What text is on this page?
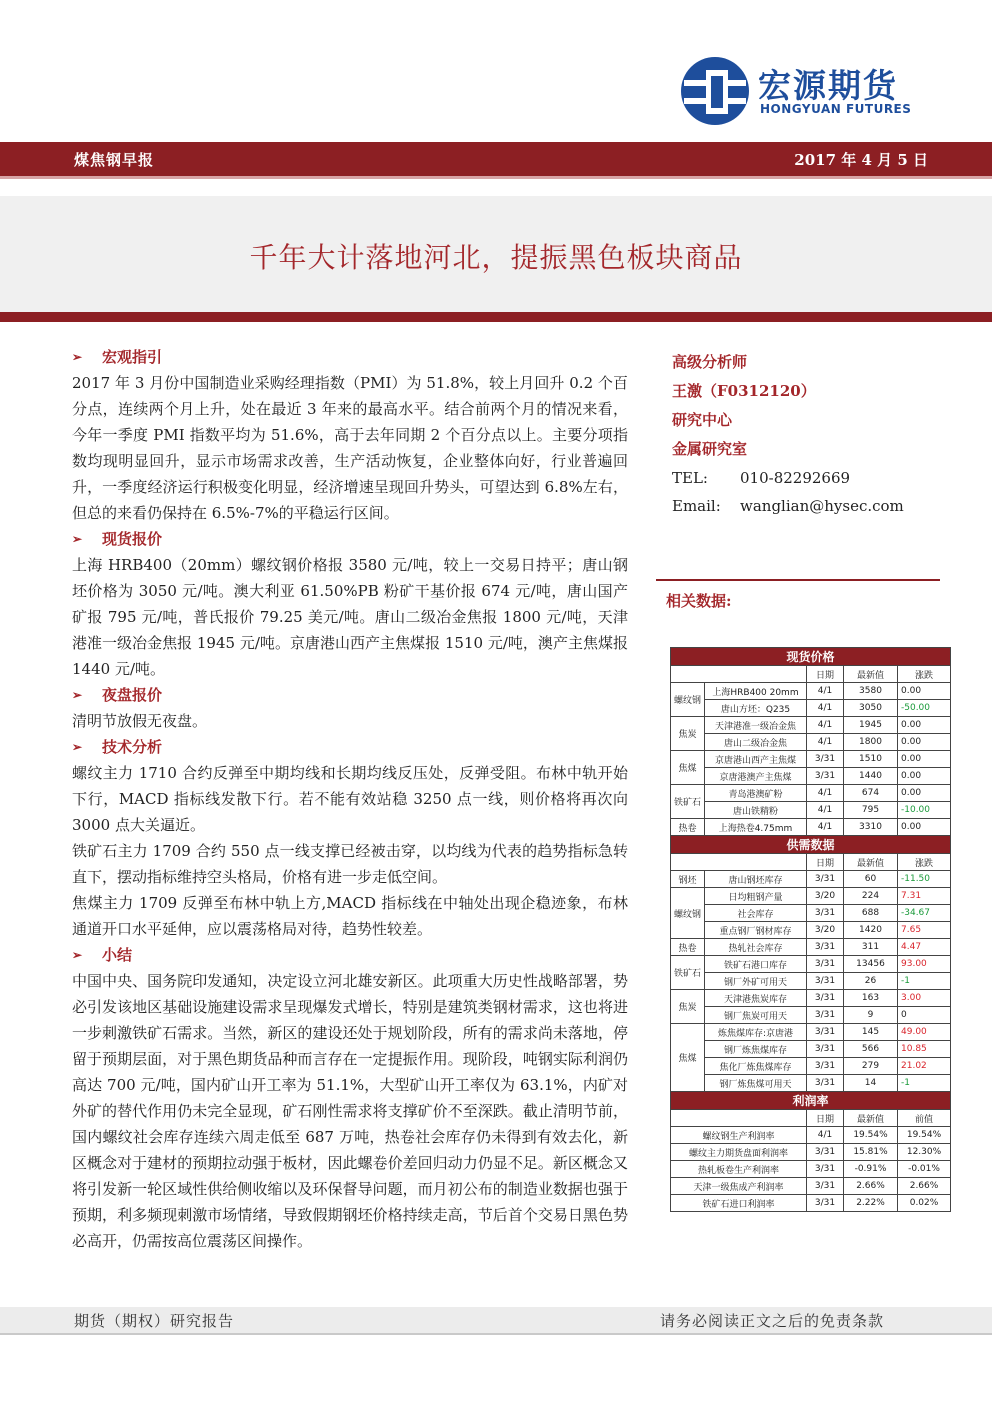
宏源期货
HONGYUAN FUTURES
煤焦钢早报	2017 年 4 月 5 日
千年大计落地河北，提振黑色板块商品
➢	宏观指引

2017 年 3 月份中国制造业采购经理指数（PMI）为 51.8%，较上月回升 0.2 个百分点，连续两个月上升，处在最近 3 年来的最高水平。结合前两个月的情况来看，今年一季度 PMI 指数平均为 51.6%，高于去年同期 2 个百分点以上。主要分项指数均现明显回升，显示市场需求改善，生产活动恢复，企业整体向好，行业普遍回升，一季度经济运行积极变化明显，经济增速呈现回升势头，可望达到 6.8%左右，但总的来看仍保持在 6.5%-7%的平稳运行区间。

➢	现货报价

上海 HRB400（20mm）螺纹钢价格报 3580 元/吨，较上一交易日持平；唐山钢坯价格为 3050 元/吨。澳大利亚 61.50%PB 粉矿干基价报 674 元/吨，唐山国产矿报 795 元/吨，普氏报价 79.25 美元/吨。唐山二级冶金焦报 1800 元/吨，天津港准一级冶金焦报 1945 元/吨。京唐港山西产主焦煤报 1510 元/吨，澳产主焦煤报 1440 元/吨。

➢	夜盘报价

清明节放假无夜盘。

➢	技术分析

螺纹主力 1710 合约反弹至中期均线和长期均线反压处，反弹受阻。布林中轨开始下行，MACD 指标线发散下行。若不能有效站稳 3250 点一线，则价格将再次向 3000 点大关逼近。

铁矿石主力 1709 合约 550 点一线支撑已经被击穿，以均线为代表的趋势指标急转直下，摆动指标维持空头格局，价格有进一步走低空间。

焦煤主力 1709 反弹至布林中轨上方,MACD 指标线在中轴处出现企稳迹象，布林通道开口水平延伸，应以震荡格局对待，趋势性较差。

➢	小结

中国中央、国务院印发通知，决定设立河北雄安新区。此项重大历史性战略部署，势必引发该地区基础设施建设需求呈现爆发式增长，特别是建筑类钢材需求，这也将进一步刺激铁矿石需求。当然，新区的建设还处于规划阶段，所有的需求尚未落地，停留于预期层面，对于黑色期货品种而言存在一定提振作用。现阶段，吨钢实际利润仍高达 700 元/吨，国内矿山开工率为 51.1%，大型矿山开工率仅为 63.1%，内矿对外矿的替代作用仍未完全显现，矿石刚性需求将支撑矿价不至深跌。截止清明节前，国内螺纹社会库存连续六周走低至 687 万吨，热卷社会库存仍未得到有效去化，新区概念对于建材的预期拉动强于板材，因此螺卷价差回归动力仍显不足。新区概念又将引发新一轮区域性供给侧收缩以及环保督导问题，而月初公布的制造业数据也强于预期，利多频现刺激市场情绪，导致假期钢坯价格持续走高，节后首个交易日黑色势必高开，仍需按高位震荡区间操作。

高级分析师
王激（F0312120）
研究中心
金属研究室
TEL: 010-82292669
Email: wanglian@hysec.com
相关数据:
现货价格				
		日期	最新值	涨跌
螺纹钢	上海HRB400 20mm	4/1	3580	0.00
	唐山方坯：Q235	4/1	3050	-50.00
焦炭	天津港准一级冶金焦	4/1	1945	0.00
	唐山二级冶金焦	4/1	1800	0.00
焦煤	京唐港山西产主焦煤	3/31	1510	0.00
	京唐港澳产主焦煤	3/31	1440	0.00
铁矿石	青岛港澳矿粉	4/1	674	0.00
	唐山铁精粉	4/1	795	-10.00
热卷	上海热卷4.75mm	4/1	3310	0.00
供需数据				
		日期	最新值	涨跌
钢坯	唐山钢坯库存	3/31	60	-11.50
螺纹钢	日均粗钢产量	3/20	224	7.31
	社会库存	3/31	688	-34.67
	重点钢厂钢材库存	3/20	1420	7.65
热卷	热轧社会库存	3/31	311	4.47
铁矿石	铁矿石港口库存	3/31	13456	93.00
	钢厂外矿可用天	3/31	26	-1
焦炭	天津港焦炭库存	3/31	163	3.00
	钢厂焦炭可用天	3/31	9	0
焦煤	炼焦煤库存:京唐港	3/31	145	49.00
	钢厂炼焦煤库存	3/31	566	10.85
	焦化厂炼焦煤库存	3/31	279	21.02
	钢厂炼焦煤可用天	3/31	14	-1
利润率				
		日期	最新值	前值
螺纹钢生产利润率		4/1	19.54%	19.54%
螺纹主力期货盘面利润率		3/31	15.81%	12.30%
热轧板卷生产利润率		3/31	-0.91%	-0.01%
天津一级焦成产利润率		3/31	2.66%	2.66%
铁矿石进口利润率		3/31	2.22%	0.02%
期货（期权）研究报告	请务必阅读正文之后的免责条款
